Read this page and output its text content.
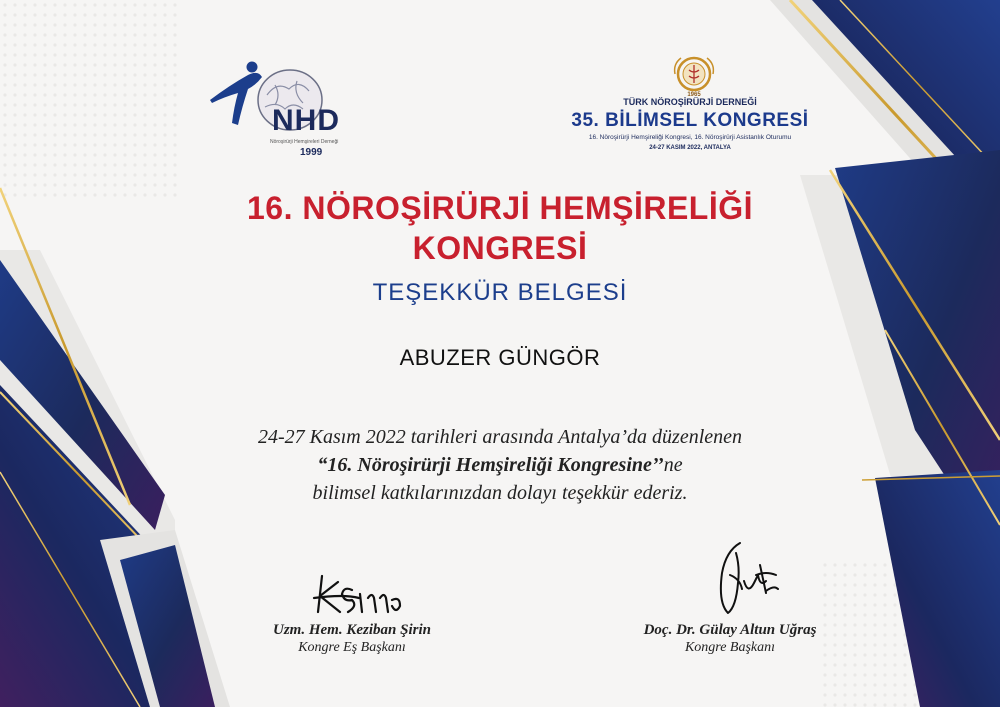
NHD
Nöroşirürji Hemşireleri Derneği
1999
1965
TÜRK NÖROŞİRÜRJİ DERNEĞİ
35. BİLİMSEL KONGRESİ
16. Nöroşirürji Hemşireliği Kongresi, 16. Nöroşirürji Asistanlık Oturumu
24-27 KASIM 2022, ANTALYA
16. NÖROŞİRÜRJİ HEMŞİRELİĞİ
KONGRESİ
TEŞEKKÜR BELGESİ
ABUZER GÜNGÖR
24-27 Kasım 2022 tarihleri arasında Antalya’da düzenlenen
“16. Nöroşirürji Hemşireliği Kongresine’’ne
bilimsel katkılarınızdan dolayı teşekkür ederiz.
Uzm. Hem. Keziban Şirin
Kongre Eş Başkanı
Doç. Dr. Gülay Altun Uğraş
Kongre Başkanı
